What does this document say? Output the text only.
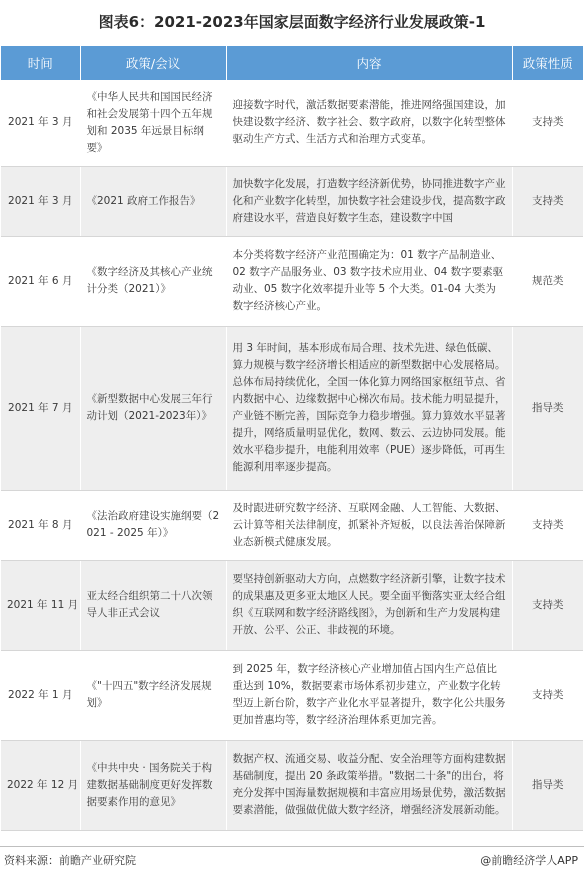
图表6：2021-2023年国家层面数字经济行业发展政策-1
时间	政策/会议	内容	政策性质
2021 年 3 月	《中华人民共和国国民经济和社会发展第十四个五年规划和 2035 年远景目标纲要》	迎接数字时代，激活数据要素潜能，推进网络强国建设，加快建设数字经济、数字社会、数字政府，以数字化转型整体驱动生产方式、生活方式和治理方式变革。	支持类
2021 年 3 月	《2021 政府工作报告》	加快数字化发展，打造数字经济新优势，协同推进数字产业化和产业数字化转型，加快数字社会建设步伐，提高数字政府建设水平，营造良好数字生态，建设数字中国	支持类
2021 年 6 月	《数字经济及其核心产业统计分类（2021）》	本分类将数字经济产业范围确定为：01 数字产品制造业、02 数字产品服务业、03 数字技术应用业、04 数字要素驱动业、05 数字化效率提升业等 5 个大类。01-04 大类为数字经济核心产业。	规范类
2021 年 7 月	《新型数据中心发展三年行动计划（2021-2023年）》	用 3 年时间，基本形成布局合理、技术先进、绿色低碳、算力规模与数字经济增长相适应的新型数据中心发展格局。总体布局持续优化，全国一体化算力网络国家枢纽节点、省内数据中心、边缘数据中心梯次布局。技术能力明显提升，产业链不断完善，国际竞争力稳步增强。算力算效水平显著提升，网络质量明显优化，数网、数云、云边协同发展。能效水平稳步提升，电能利用效率（PUE）逐步降低，可再生能源利用率逐步提高。	指导类
2021 年 8 月	《法治政府建设实施纲要（2021 - 2025 年）》	及时跟进研究数字经济、互联网金融、人工智能、大数据、云计算等相关法律制度，抓紧补齐短板，以良法善治保障新业态新模式健康发展。	支持类
2021 年 11 月	亚太经合组织第二十八次领导人非正式会议	要坚持创新驱动大方向，点燃数字经济新引擎，让数字技术的成果惠及更多亚太地区人民。要全面平衡落实亚太经合组织《互联网和数字经济路线图》，为创新和生产力发展构建开放、公平、公正、非歧视的环境。	支持类
2022 年 1 月	《"十四五"数字经济发展规划》	到 2025 年，数字经济核心产业增加值占国内生产总值比重达到 10%，数据要素市场体系初步建立，产业数字化转型迈上新台阶，数字产业化水平显著提升，数字化公共服务更加普惠均等，数字经济治理体系更加完善。	支持类
2022 年 12 月	《中共中央 · 国务院关于构建数据基础制度更好发挥数据要素作用的意见》	数据产权、流通交易、收益分配、安全治理等方面构建数据基础制度，提出 20 条政策举措。"数据二十条"的出台，将充分发挥中国海量数据规模和丰富应用场景优势，激活数据要素潜能，做强做优做大数字经济，增强经济发展新动能。	指导类
资料来源：前瞻产业研究院	@前瞻经济学人APP
